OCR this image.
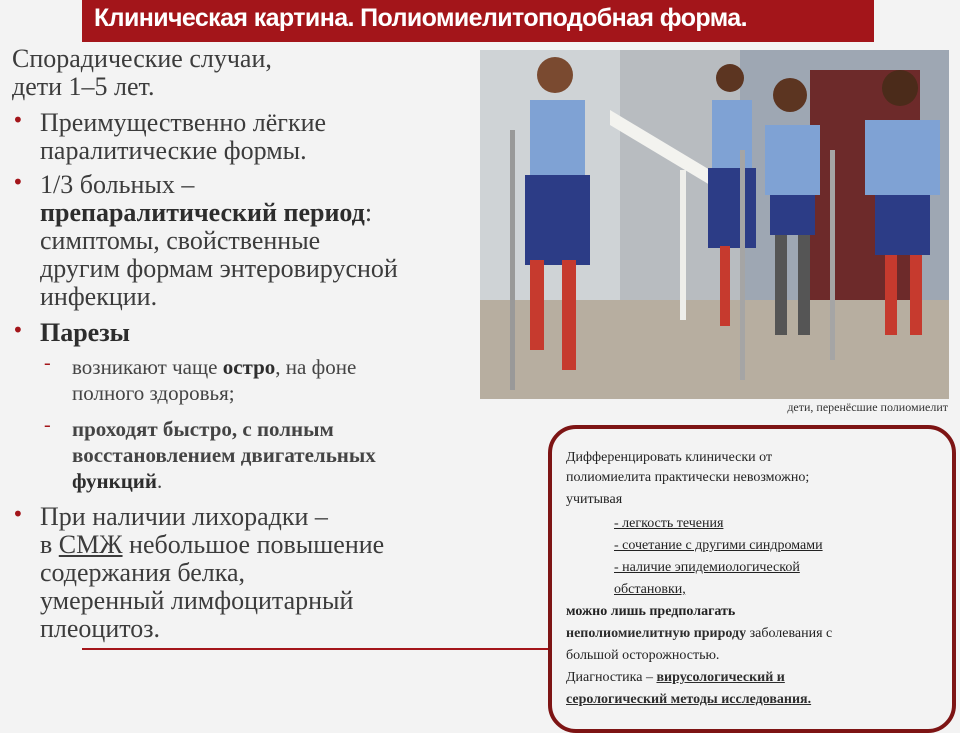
Клиническая картина. Полиомиелитоподобная форма.
Спорадические случаи,
дети 1–5 лет.
• Преимущественно лёгкие
паралитические формы.
• 1/3 больных –
препаралитический период:
симптомы, свойственные
другим формам энтеровирусной
инфекции.
• Парезы
- возникают чаще остро, на фоне
полного здоровья;
- проходят быстро, с полным
восстановлением двигательных
функций.
• При наличии лихорадки –
в СМЖ небольшое повышение
содержания белка,
умеренный лимфоцитарный
плеоцитоз.
дети, перенёсшие полиомиелит
Дифференцировать клинически от
полиомиелита практически невозможно;
учитывая
- легкость течения
- сочетание с другими синдромами
- наличие эпидемиологической
обстановки,
можно лишь предполагать
неполиомиелитную природу заболевания с
большой осторожностью.
Диагностика – вирусологический и
серологический методы исследования.
